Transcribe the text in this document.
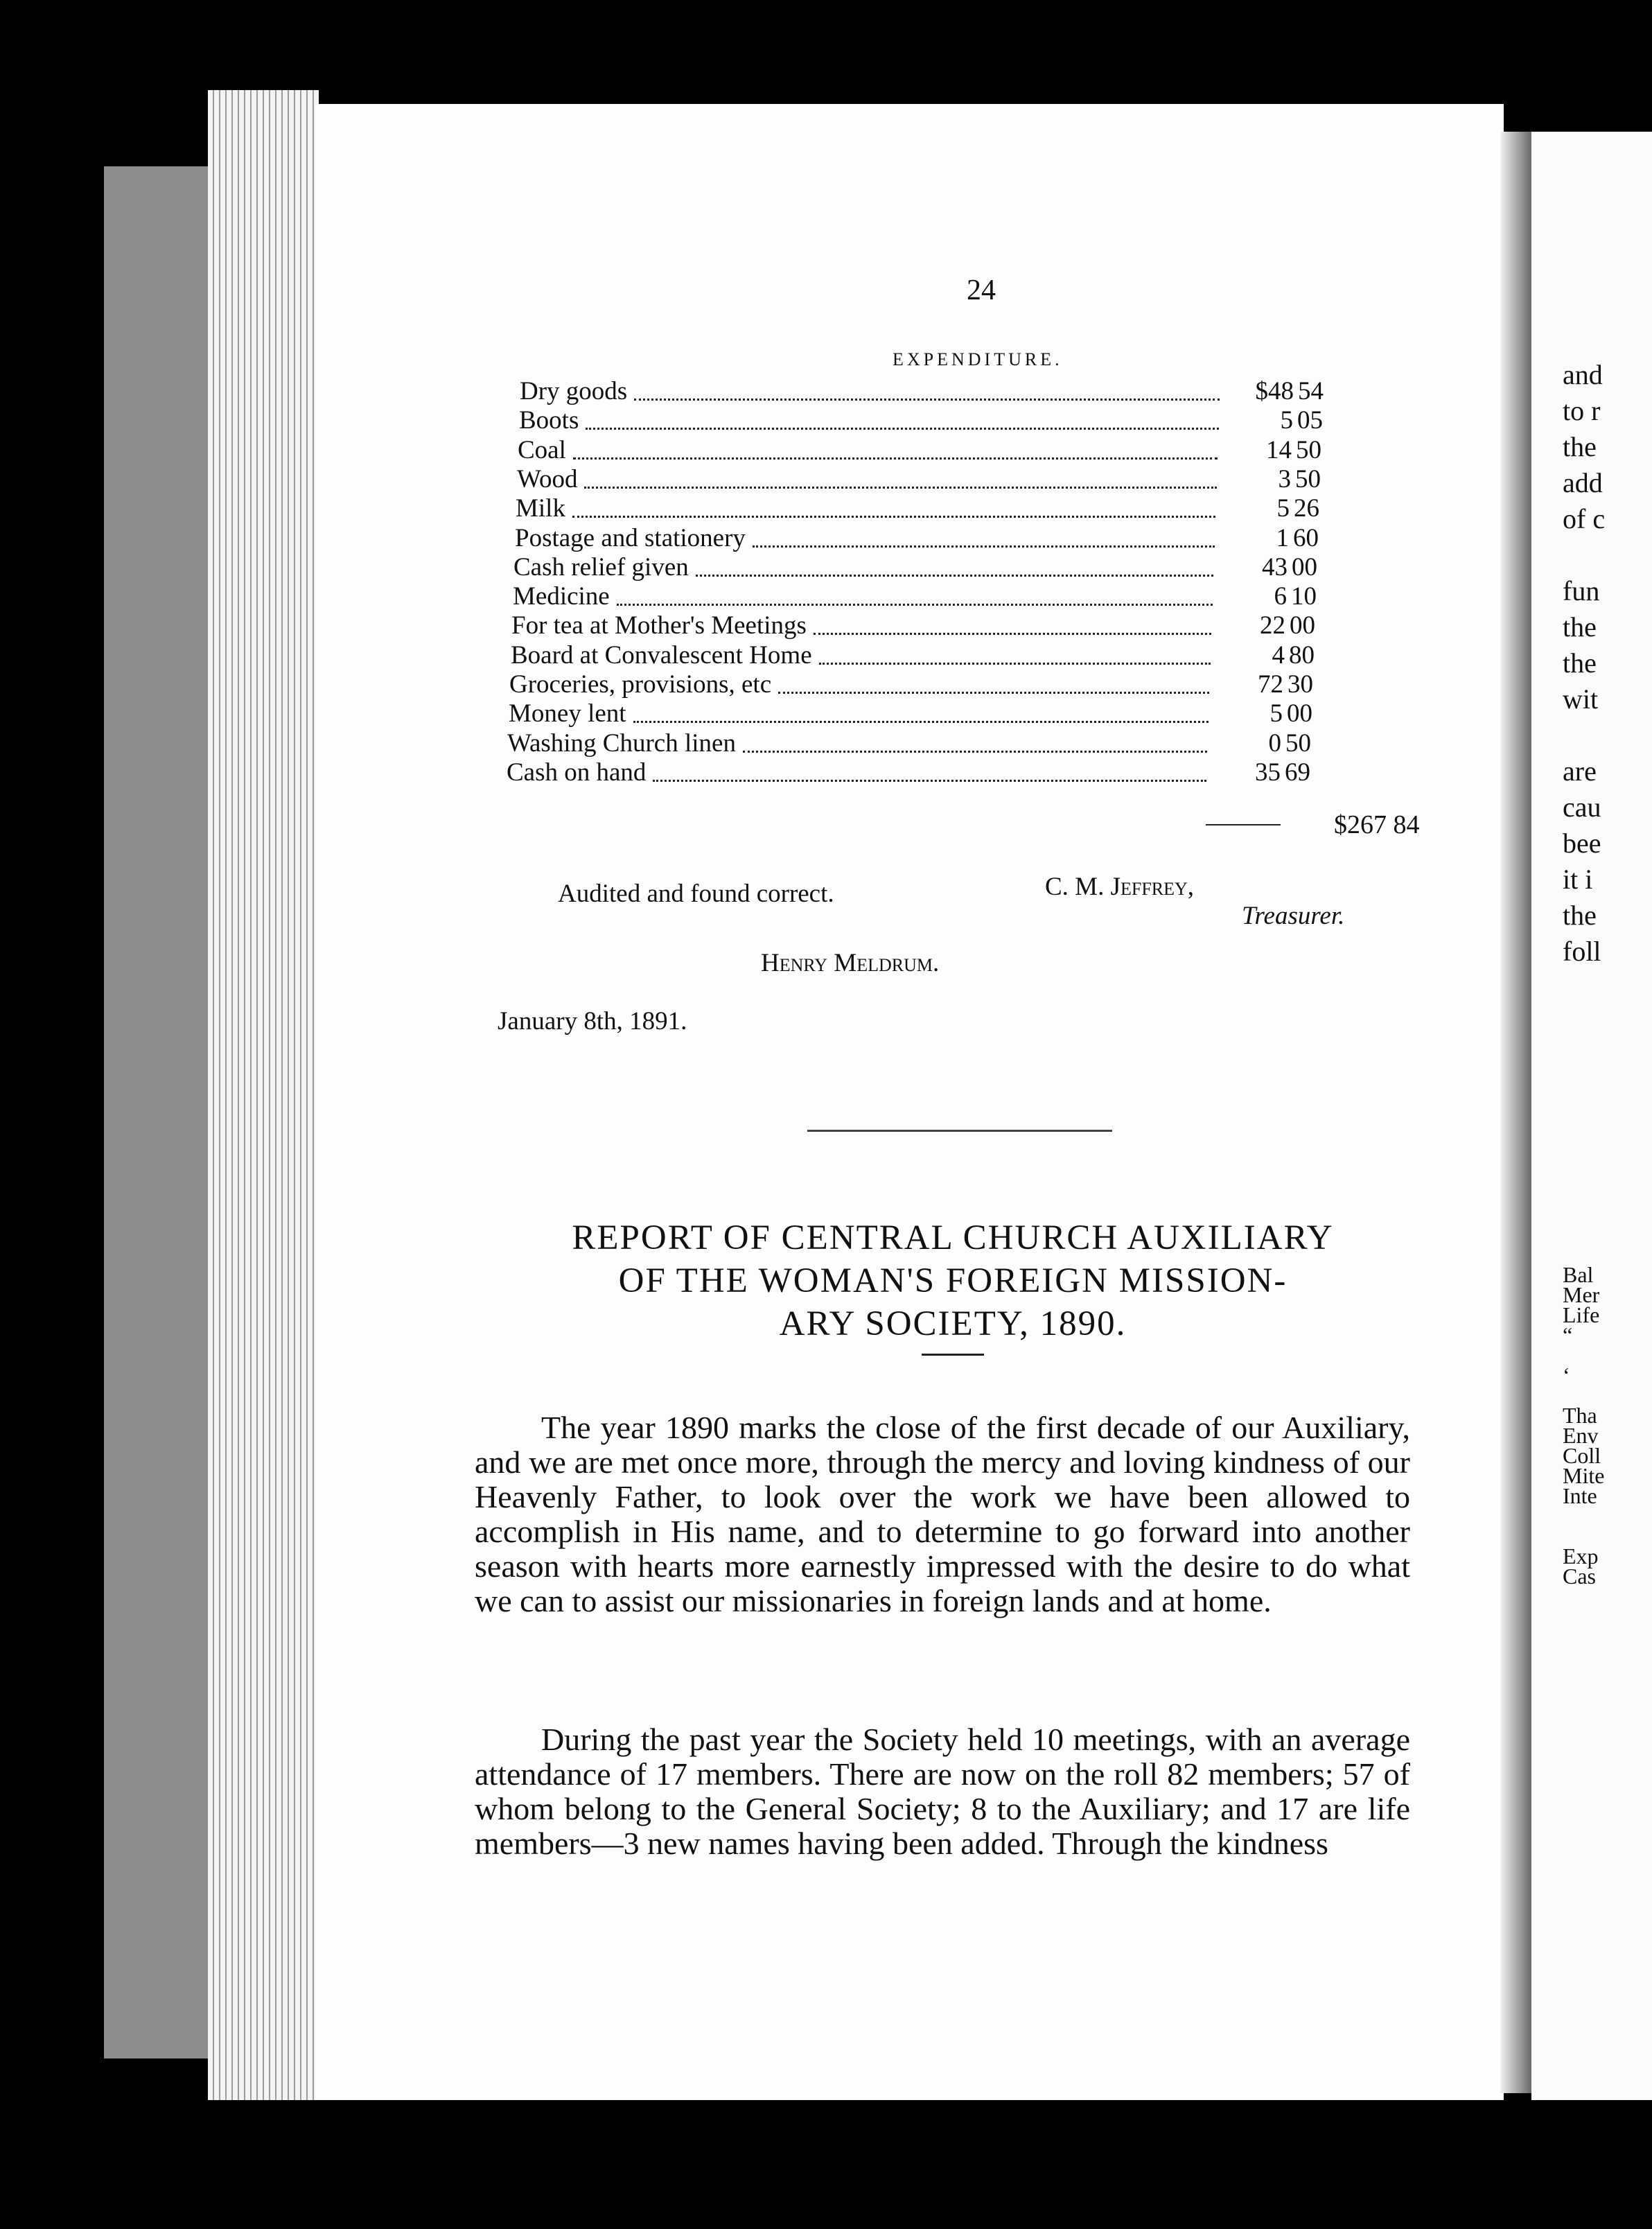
24
EXPENDITURE.
Dry goods	$48 54
Boots	5 05
Coal	14 50
Wood	3 50
Milk	5 26
Postage and stationery	1 60
Cash relief given	43 00
Medicine	6 10
For tea at Mother's Meetings	22 00
Board at Convalescent Home	4 80
Groceries, provisions, etc	72 30
Money lent	5 00
Washing Church linen	0 50
Cash on hand	35 69
$267 84
C. M. Jeffrey,
Treasurer.
Audited and found correct.
Henry Meldrum.
January 8th, 1891.
REPORT OF CENTRAL CHURCH AUXILIARY
OF THE WOMAN'S FOREIGN MISSION-
ARY SOCIETY, 1890.
The year 1890 marks the close of the first decade of our Auxiliary, and we are met once more, through the mercy and loving kindness of our Heavenly Father, to look over the work we have been allowed to accomplish in His name, and to determine to go forward into another season with hearts more earnestly impressed with the desire to do what we can to assist our missionaries in foreign lands and at home.
During the past year the Society held 10 meetings, with an average attendance of 17 members. There are now on the roll 82 members; 57 of whom belong to the General Society; 8 to the Auxiliary; and 17 are life members—3 new names having been added. Through the kindness
and
to r
the
add
of c

fun
the
the
wit

are
cau
bee
it i
the
foll
Bal
Mer
Life
“

‘

Tha
Env
Coll
Mite
Inte

Exp
Cas
